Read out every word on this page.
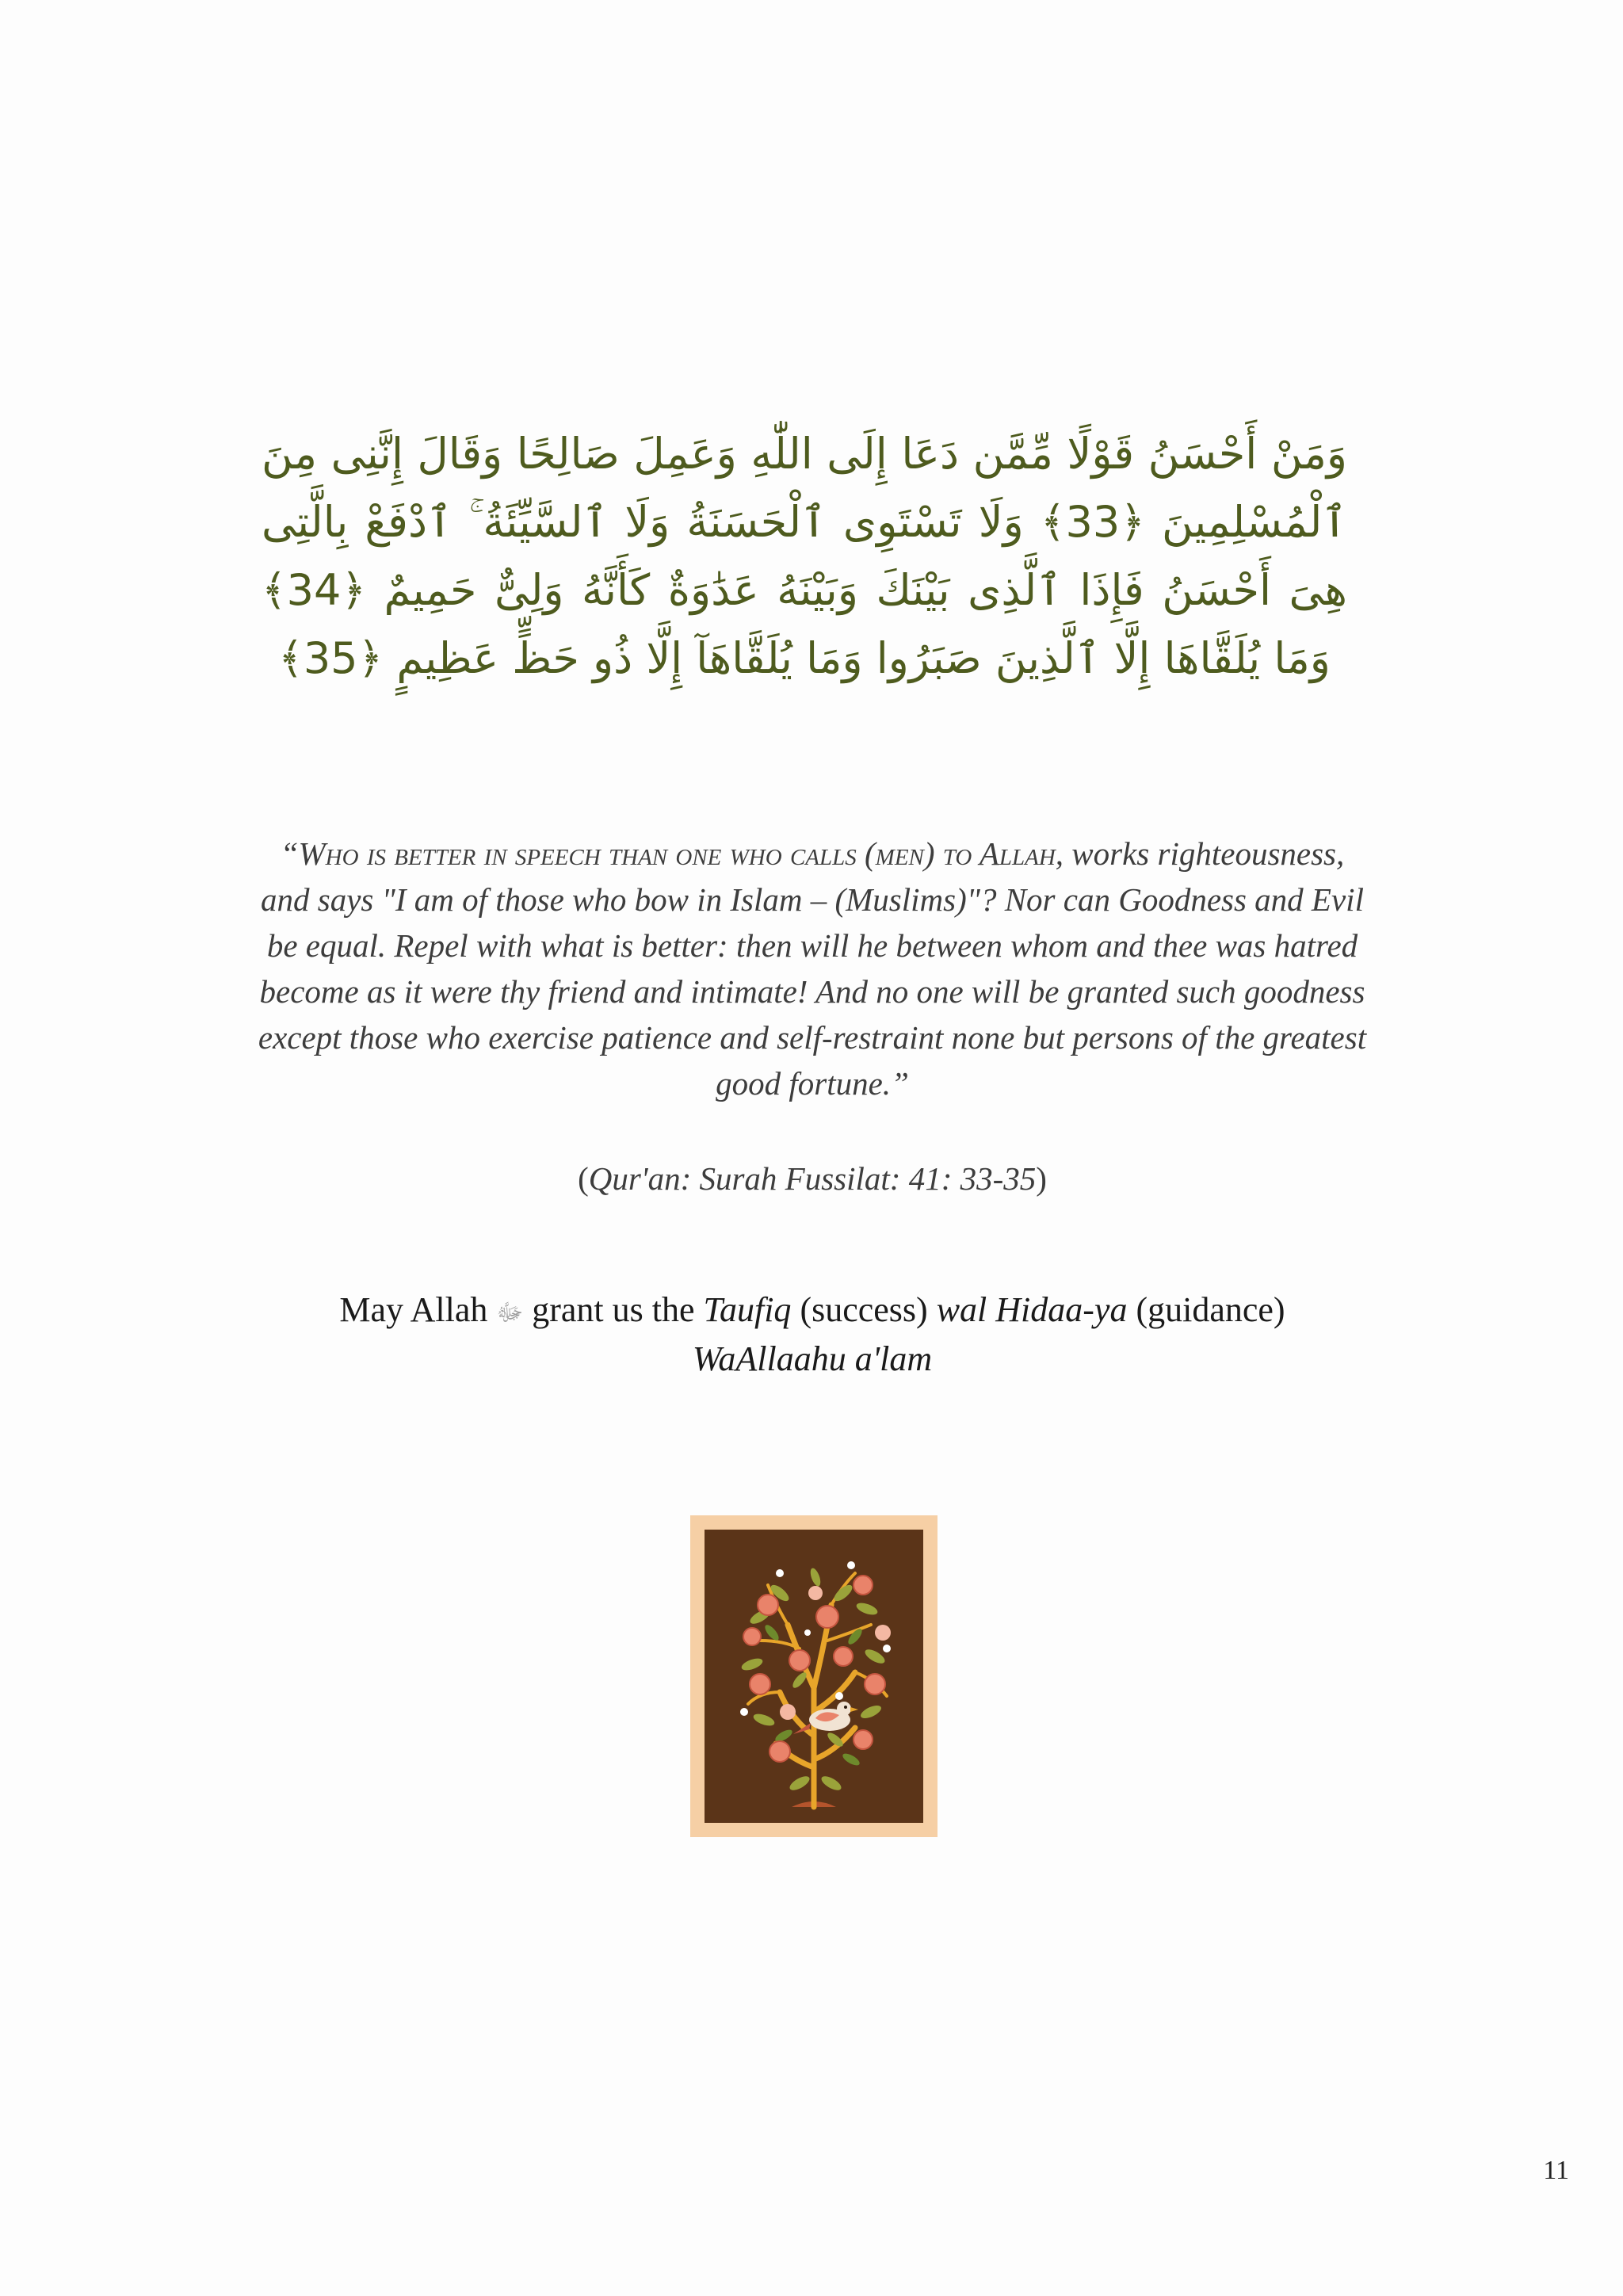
وَمَنْ أَحْسَنُ قَوْلًا مِّمَّن دَعَا إِلَى اللّٰهِ وَعَمِلَ صَالِحًا وَقَالَ إِنَّنِى مِنَ ٱلْمُسْلِمِينَ ﴿33﴾ وَلَا تَسْتَوِى ٱلْحَسَنَةُ وَلَا ٱلسَّيِّئَةُ ۚ ٱدْفَعْ بِالَّتِى هِىَ أَحْسَنُ فَإِذَا ٱلَّذِى بَيْنَكَ وَبَيْنَهُ عَدَٰوَةٌ كَأَنَّهُ وَلِىٌّ حَمِيمٌ ﴿34﴾ وَمَا يُلَقَّاهَا إِلَّا ٱلَّذِينَ صَبَرُوا وَمَا يُلَقَّاهَآ إِلَّا ذُو حَظٍّ عَظِيمٍ ﴿35﴾
“Who is better in speech than one who calls (men) to Allah, works righteousness, and says "I am of those who bow in Islam – (Muslims)"? Nor can Goodness and Evil be equal. Repel with what is better: then will he between whom and thee was hatred become as it were thy friend and intimate! And no one will be granted such goodness except those who exercise patience and self-restraint none but persons of the greatest good fortune.”
(Qur'an: Surah Fussilat: 41: 33-35)
May Allah ﷻ grant us the Taufiq (success) wal Hidaa-ya (guidance)
WaAllaahu a'lam
11
